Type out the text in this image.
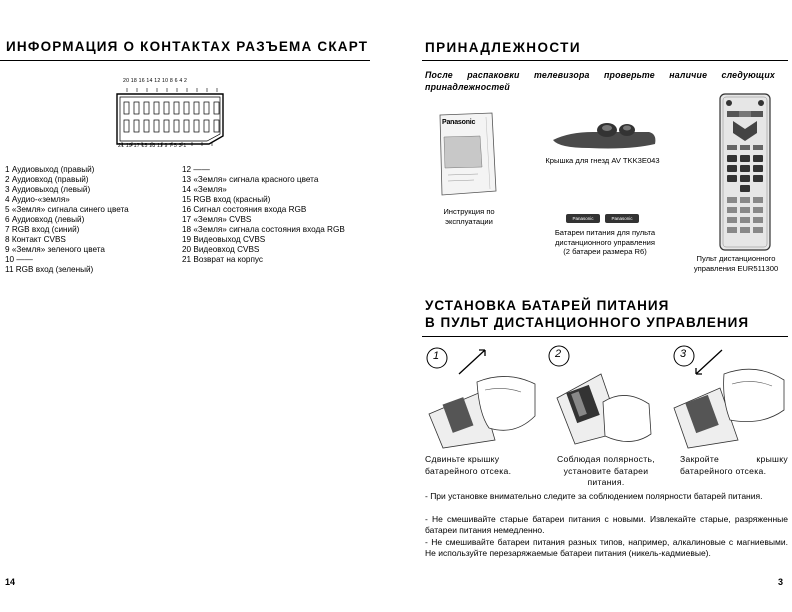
ИНФОРМАЦИЯ О КОНТАКТАХ РАЗЪЕМА СКАРТ
20 18 16 14 12 10 8 6 4 2
21 19 17 15 13 11 9 7 5 3 1
1 Аудиовыход (правый)
2 Аудиовход (правый)
3 Аудиовыход (левый)
4 Аудио-«земля»
5 «Земля» сигнала синего цвета
6 Аудиовход (левый)
7 RGB вход (синий)
8 Контакт CVBS
9 «Земля» зеленого цвета
10 ——
11 RGB вход (зеленый)
12 ——
13 «Земля» сигнала красного цвета
14 «Земля»
15 RGB вход (красный)
16 Сигнал состояния входа RGB
17 «Земля» CVBS
18 «Земля» сигнала состояния входа RGB
19 Видеовыход CVBS
20 Видеовход CVBS
21 Возврат на корпус
14
ПРИНАДЛЕЖНОСТИ
После распаковки телевизора проверьте наличие следующих принадлежностей
Panasonic
Инструкция по эксплуатации
Крышка для гнезд AV TKK3E043
Panasonic	Panasonic
Батареи питания для пульта дистанционного управления (2 батареи размера R6)
Пульт дистанционного управления EUR511300
УСТАНОВКА БАТАРЕЙ ПИТАНИЯ
В ПУЛЬТ ДИСТАНЦИОННОГО УПРАВЛЕНИЯ
1
Сдвиньте крышку батарейного отсека.
2
Соблюдая полярность, установите батареи питания.
3
Закройте крышку батарейного отсека.
- При установке внимательно следите за соблюдением полярности батарей питания.
- Не смешивайте старые батареи питания с новыми. Извлекайте старые, разряженные батареи питания немедленно.
- Не смешивайте батареи питания разных типов, например, алкалиновые с магниевыми. Не используйте перезаряжаемые батареи питания (никель-кадмиевые).
3
